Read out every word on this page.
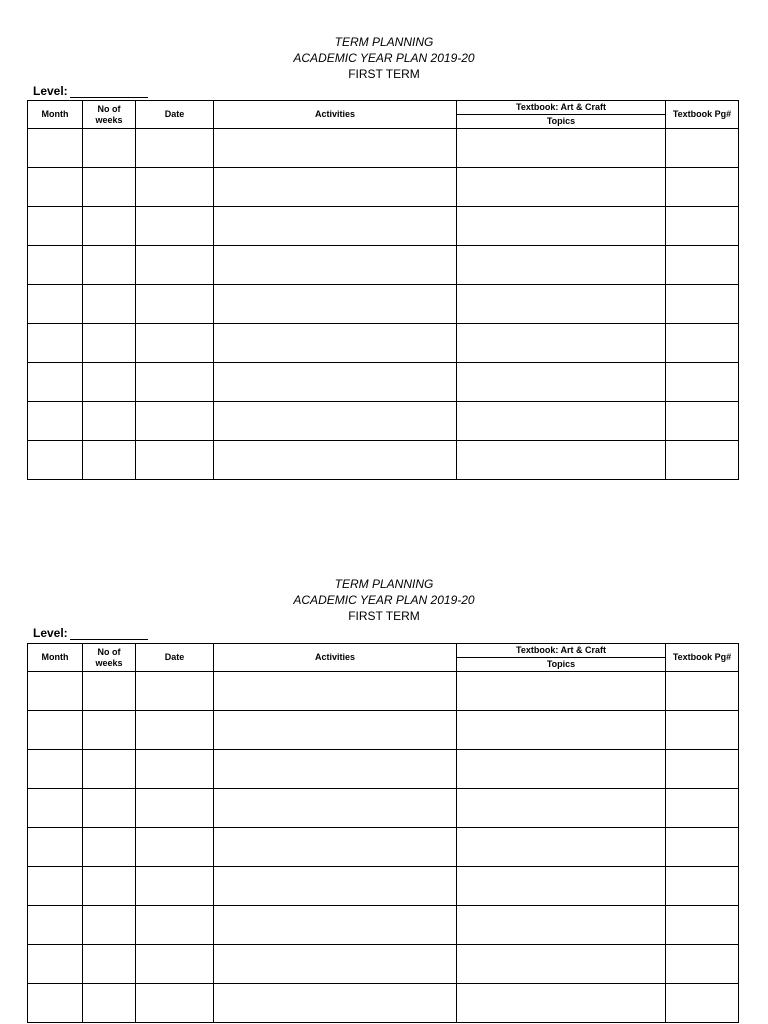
TERM PLANNING
ACADEMIC YEAR PLAN 2019-20
FIRST TERM
Level:
Month	No of weeks	Date	Activities	Textbook: Art & Craft	Textbook Pg#
				Topics	

TERM PLANNING
ACADEMIC YEAR PLAN 2019-20
FIRST TERM
Level:
Month	No of weeks	Date	Activities	Textbook: Art & Craft	Textbook Pg#
				Topics	
